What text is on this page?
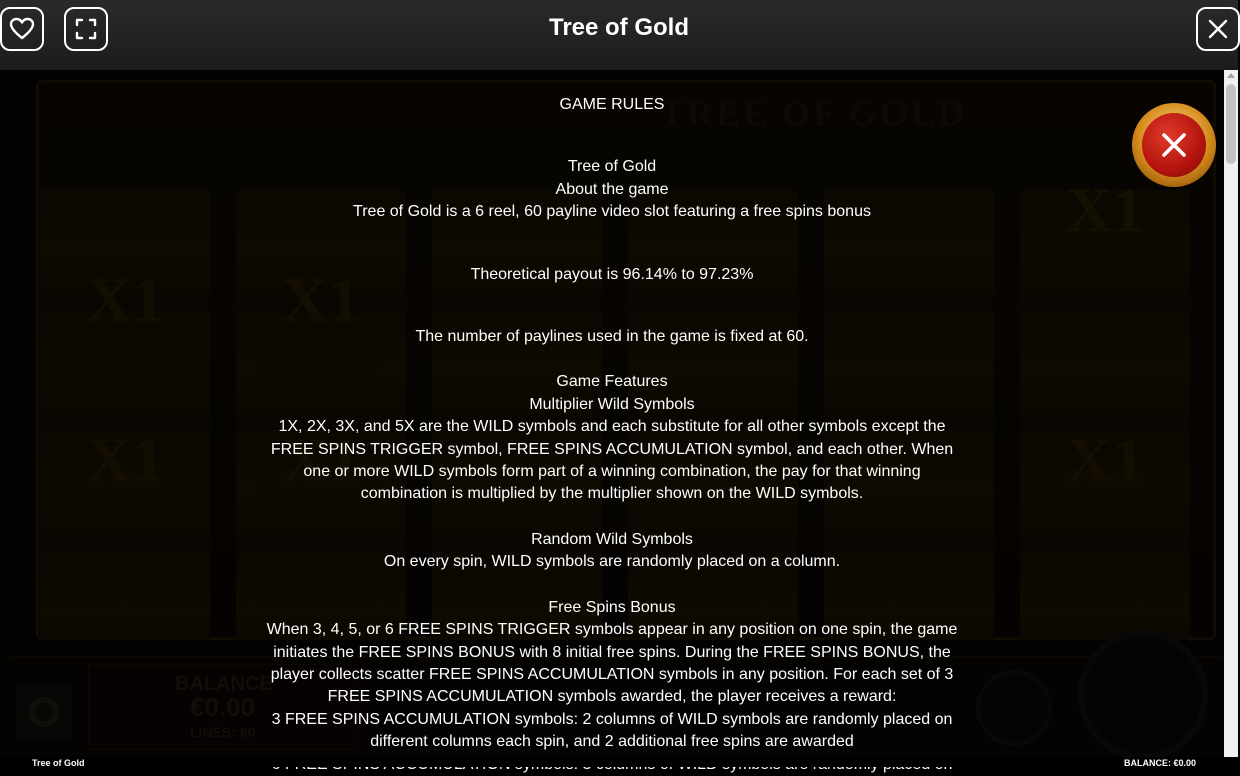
Tree of Gold

GAME RULES

Tree of Gold

About the game

Tree of Gold is a 6 reel, 60 payline video slot featuring a free spins bonus

Theoretical payout is 96.14% to 97.23%

The number of paylines used in the game is fixed at 60.

Game Features

Multiplier Wild Symbols

1X, 2X, 3X, and 5X are the WILD symbols and each substitute for all other symbols except the FREE SPINS TRIGGER symbol, FREE SPINS ACCUMULATION symbol, and each other. When one or more WILD symbols form part of a winning combination, the pay for that winning combination is multiplied by the multiplier shown on the WILD symbols.

Random Wild Symbols

On every spin, WILD symbols are randomly placed on a column.

Free Spins Bonus

When 3, 4, 5, or 6 FREE SPINS TRIGGER symbols appear in any position on one spin, the game initiates the FREE SPINS BONUS with 8 initial free spins. During the FREE SPINS BONUS, the player collects scatter FREE SPINS ACCUMULATION symbols in any position. For each set of 3 FREE SPINS ACCUMULATION symbols awarded, the player receives a reward:

3 FREE SPINS ACCUMULATION symbols: 2 columns of WILD symbols are randomly placed on different columns each spin, and 2 additional free spins are awarded

Tree of Gold	BALANCE: €0.00
